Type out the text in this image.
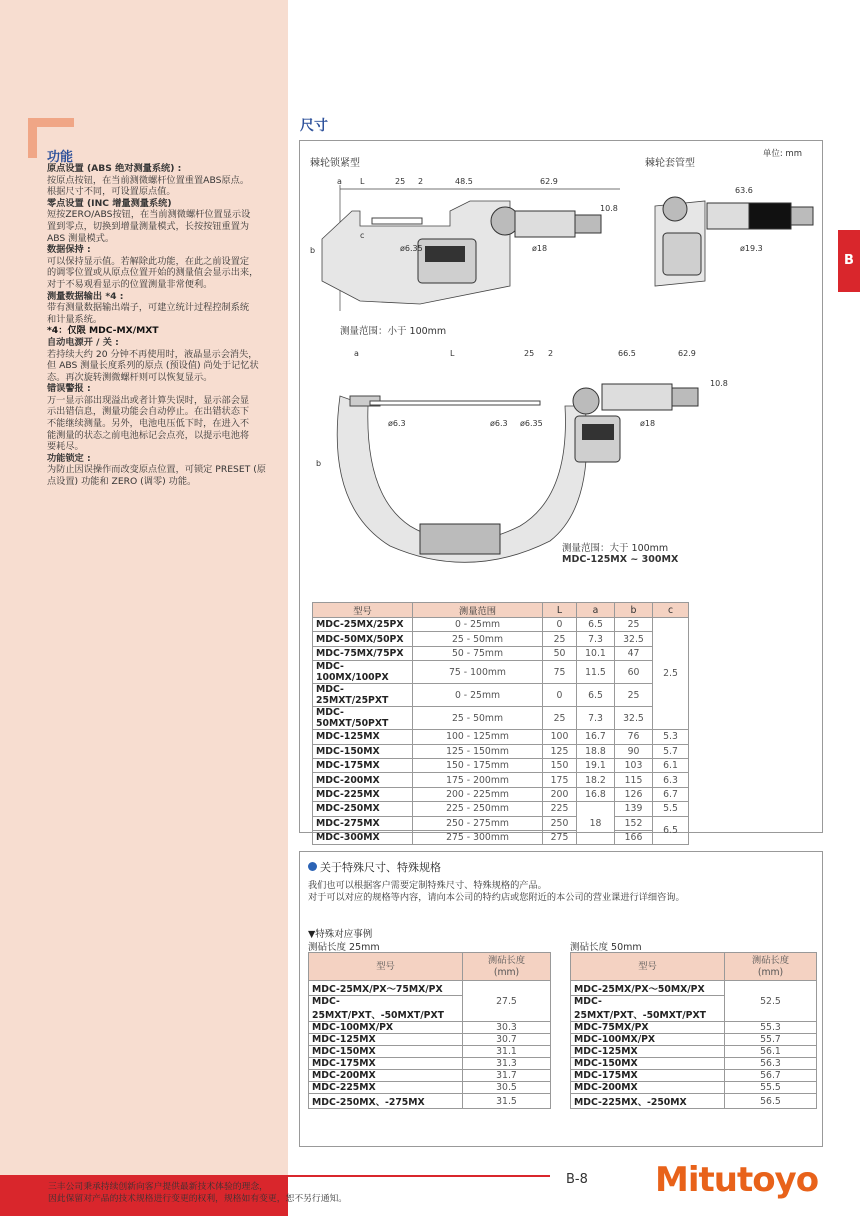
功能
原点设置 (ABS 绝对测量系统) :
按原点按钮，在当前测微螺杆位置重置ABS原点。
根据尺寸不同，可设置原点值。
零点设置 (INC 增量测量系统)
短按ZERO/ABS按钮，在当前测微螺杆位置显示设
置到零点，切换到增量测量模式，长按按钮重置为
ABS 测量模式。
数据保持 :
可以保持显示值。若解除此功能，在此之前设置定
的调零位置或从原点位置开始的测量值会显示出来，
对于不易观看显示的位置测量非常便利。
测量数据输出 *4 :
带有测量数据输出端子，可建立统计过程控制系统
和计量系统。
*4：仅限 MDC-MX/MXT
自动电源开 / 关 :
若持续大约 20 分钟不再使用时，液晶显示会消失，
但 ABS 测量长度系列的原点 (预设值) 尚处于记忆状
态。再次旋转测微螺杆则可以恢复显示。
错误警报 :
万一显示部出现溢出或者计算失误时，显示部会显
示出错信息，测量功能会自动停止。在出错状态下
不能继续测量。另外，电池电压低下时，在进入不
能测量的状态之前电池标记会点亮，以提示电池将
要耗尽。
功能锁定 :
为防止因误操作而改变原点位置，可锁定 PRESET (原
点设置) 功能和 ZERO (调零) 功能。
尺寸
B
单位: mm
棘轮锁紧型	棘轮套管型
a L	25 2	48.5	62.9
b
c
ø6.35	ø18
10.8
63.6
ø19.3
测量范围：小于 100mm
a	L	25 2	66.5	62.9
b
ø6.3	ø6.3 ø6.35	ø18
10.8
测量范围：大于 100mm
MDC-125MX ~ 300MX
型号	测量范围	L	a	b	c
MDC-25MX/25PX	0 - 25mm	0	6.5	25	2.5
MDC-50MX/50PX	25 - 50mm	25	7.3	32.5	
MDC-75MX/75PX	50 - 75mm	50	10.1	47	
MDC-100MX/100PX	75 - 100mm	75	11.5	60	
MDC-25MXT/25PXT	0 - 25mm	0	6.5	25	
MDC-50MXT/50PXT	25 - 50mm	25	7.3	32.5	
MDC-125MX	100 - 125mm	100	16.7	76	5.3
MDC-150MX	125 - 150mm	125	18.8	90	5.7
MDC-175MX	150 - 175mm	150	19.1	103	6.1
MDC-200MX	175 - 200mm	175	18.2	115	6.3
MDC-225MX	200 - 225mm	200	16.8	126	6.7
MDC-250MX	225 - 250mm	225	18	139	5.5
MDC-275MX	250 - 275mm	250		152	6.5
MDC-300MX	275 - 300mm	275		166	
关于特殊尺寸、特殊规格
我们也可以根据客户需要定制特殊尺寸、特殊规格的产品。
对于可以对应的规格等内容，请向本公司的特约店或您附近的本公司的营业课进行详细咨询。
▼特殊对应事例
测砧长度 25mm	测砧长度 50mm
型号	测砧长度
(mm)
MDC-25MX/PX～75MX/PX	27.5
MDC-25MXT/PXT、-50MXT/PXT	
MDC-100MX/PX	30.3
MDC-125MX	30.7
MDC-150MX	31.1
MDC-175MX	31.3
MDC-200MX	31.7
MDC-225MX	30.5
MDC-250MX、-275MX	31.5
型号	测砧长度
(mm)
MDC-25MX/PX～50MX/PX	52.5
MDC-25MXT/PXT、-50MXT/PXT	
MDC-75MX/PX	55.3
MDC-100MX/PX	55.7
MDC-125MX	56.1
MDC-150MX	56.3
MDC-175MX	56.7
MDC-200MX	55.5
MDC-225MX、-250MX	56.5
三丰公司秉承持续创新向客户提供最新技术体验的理念，
因此保留对产品的技术规格进行变更的权利，规格如有变更，恕不另行通知。
B-8 Mitutoyo
